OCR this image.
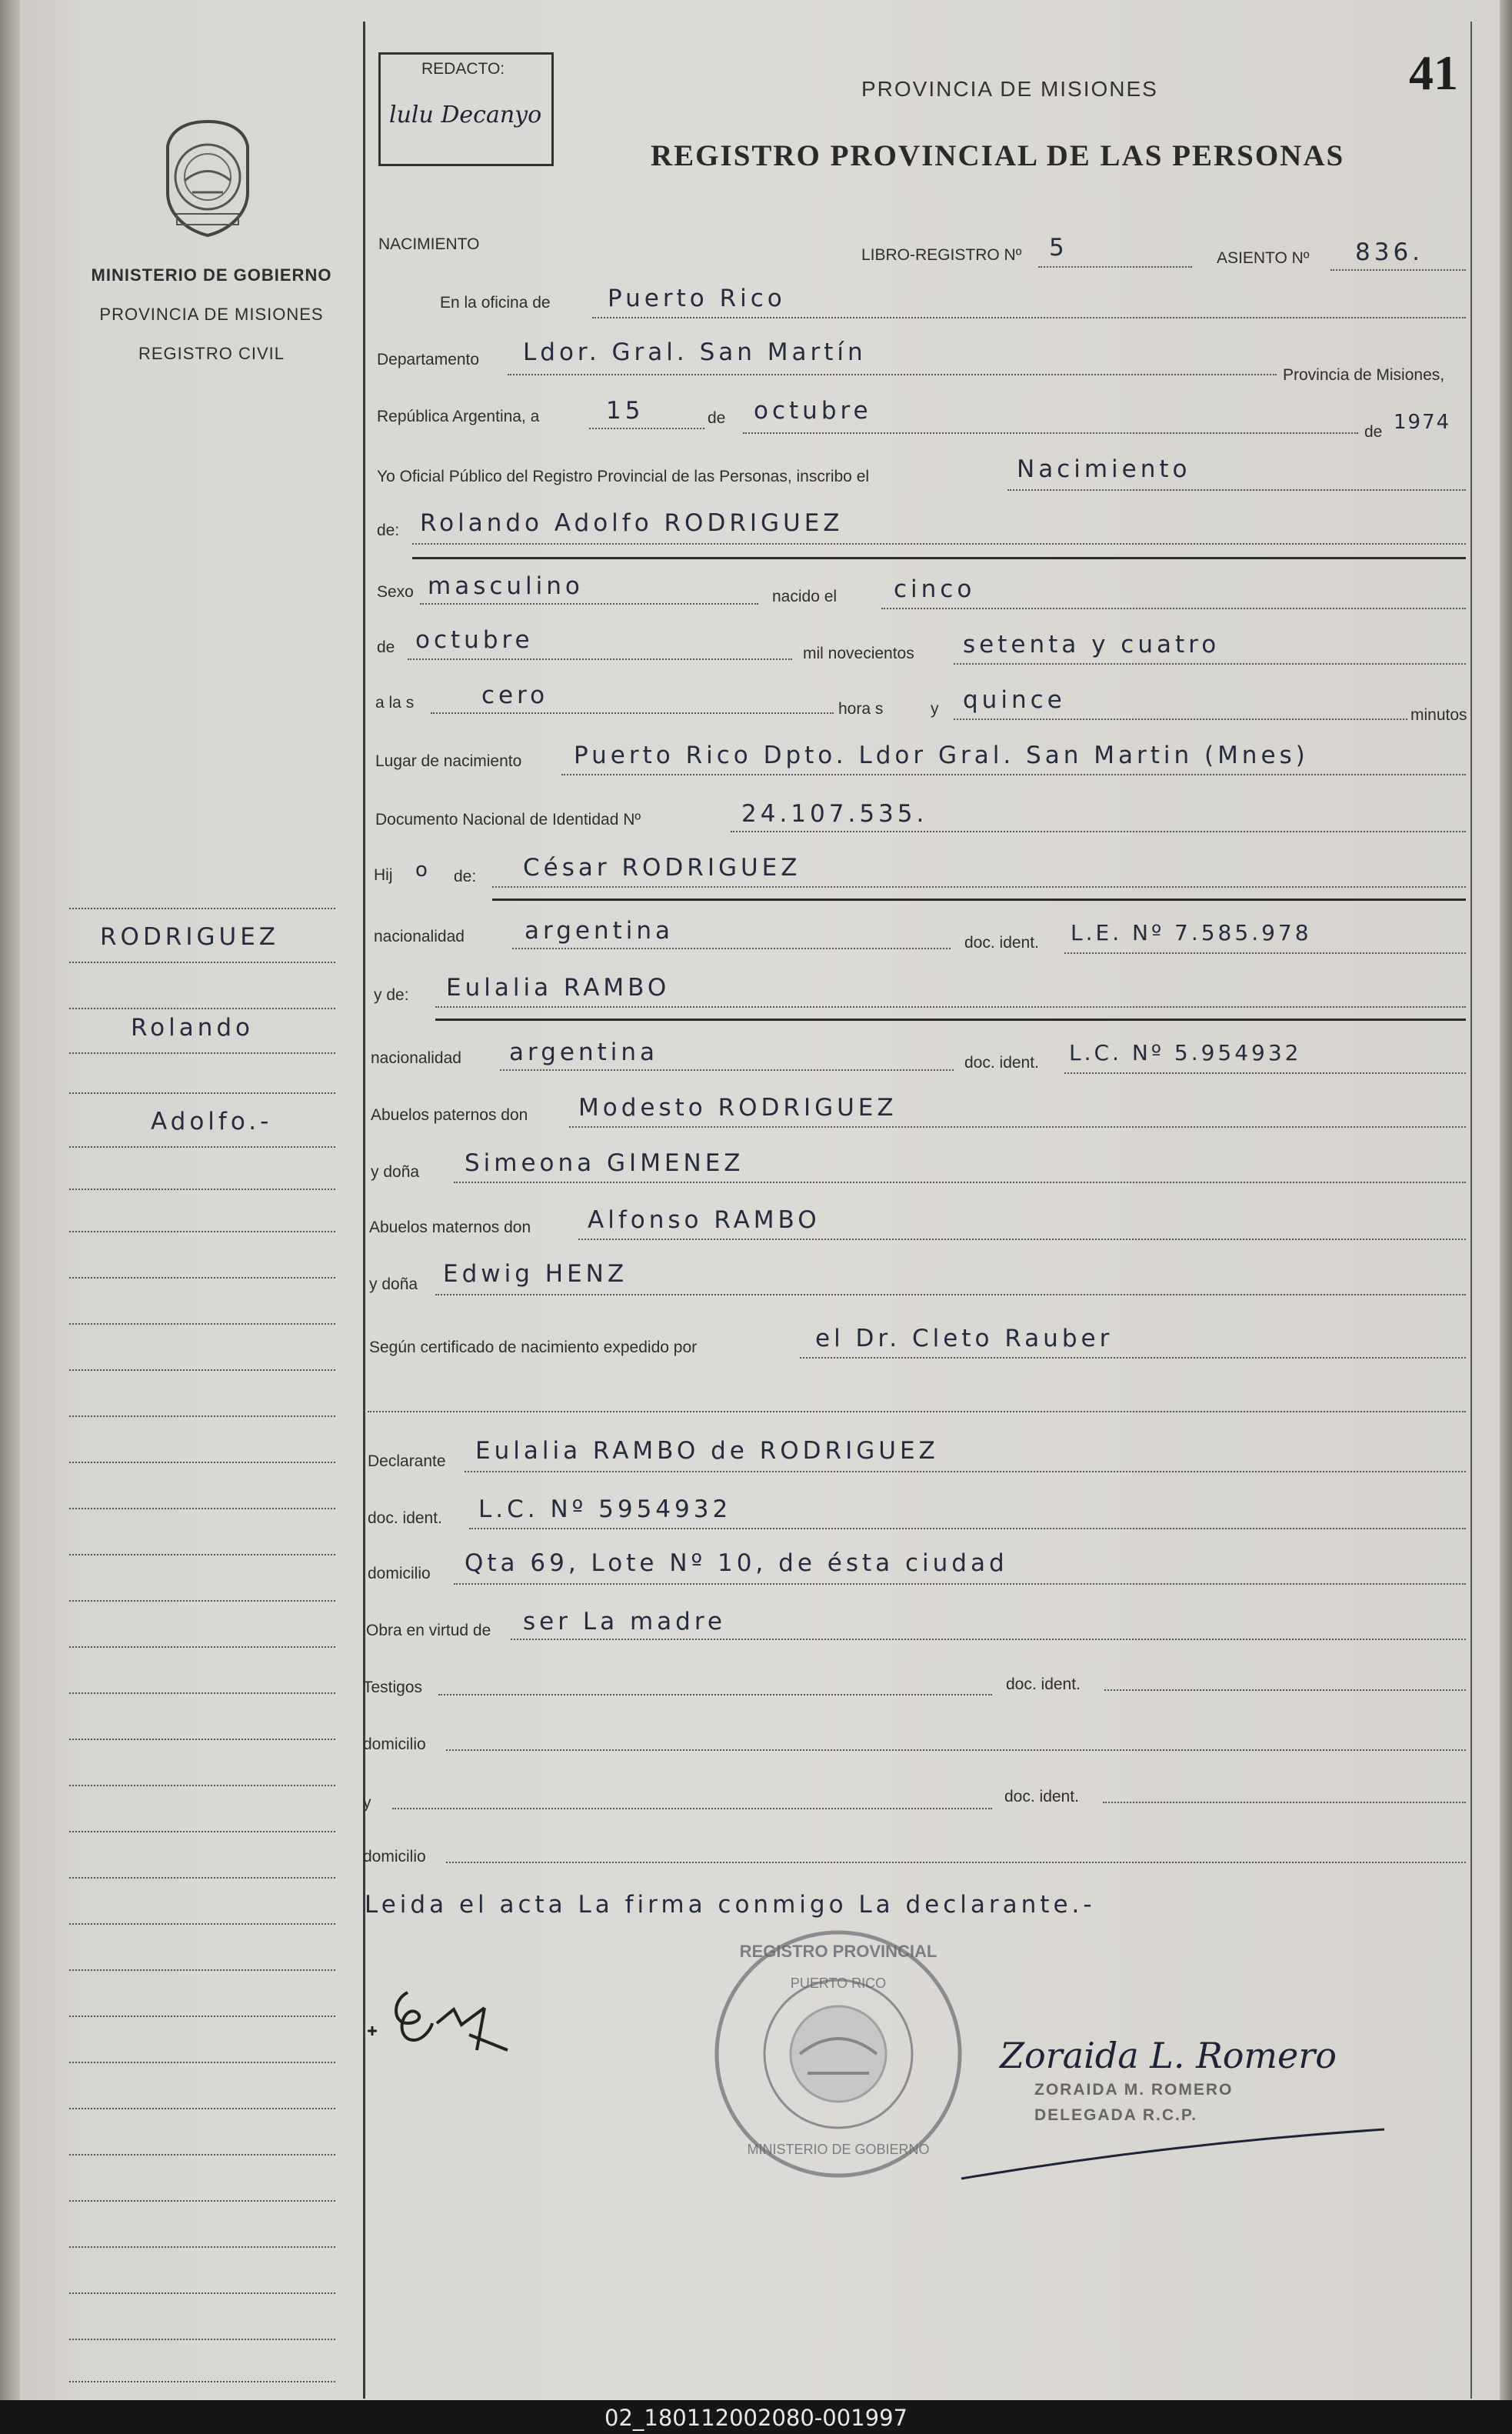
MINISTERIO DE GOBIERNO
PROVINCIA DE MISIONES
REGISTRO CIVIL
RODRIGUEZ
Rolando
Adolfo.-
REDACTO:
lulu Decanyo
PROVINCIA DE MISIONES
REGISTRO PROVINCIAL DE LAS PERSONAS
41
NACIMIENTO
LIBRO-REGISTRO Nº 5	ASIENTO Nº 836.
En la oficina de Puerto Rico
Departamento Ldor. Gral. San Martín
Provincia de Misiones,
República Argentina, a	15	de octubre
de 1974
Yo Oficial Público del Registro Provincial de las Personas, inscribo el	Nacimiento
de: Rolando Adolfo RODRIGUEZ
Sexo masculino	nacido el cinco
de octubre	mil novecientos setenta y cuatro
a la s	cero	hora s	y quince
minutos
Lugar de nacimiento Puerto Rico Dpto. Ldor Gral. San Martin (Mnes)
Documento Nacional de Identidad Nº	24.107.535.
Hij o de: César RODRIGUEZ
nacionalidad	argentina	doc. ident. L.E. Nº 7.585.978
y de: Eulalia RAMBO
nacionalidad argentina	doc. ident. L.C. Nº 5.954932
Abuelos paternos don Modesto RODRIGUEZ
y doña Simeona GIMENEZ
Abuelos maternos don Alfonso RAMBO
y doña Edwig HENZ
Según certificado de nacimiento expedido por	el Dr. Cleto Rauber
Declarante Eulalia RAMBO de RODRIGUEZ
doc. ident. L.C. Nº 5954932
domicilio Qta 69, Lote Nº 10, de ésta ciudad
Obra en virtud de ser La madre
Testigos	doc. ident.
domicilio
y	doc. ident.
domicilio
Leida el acta La firma conmigo La declarante.-
REGISTRO PROVINCIAL
PUERTO RICO
MINISTERIO DE GOBIERNO
Zoraida L. Romero
ZORAIDA M. ROMERO
DELEGADA R.C.P.
02_180112002080-001997
